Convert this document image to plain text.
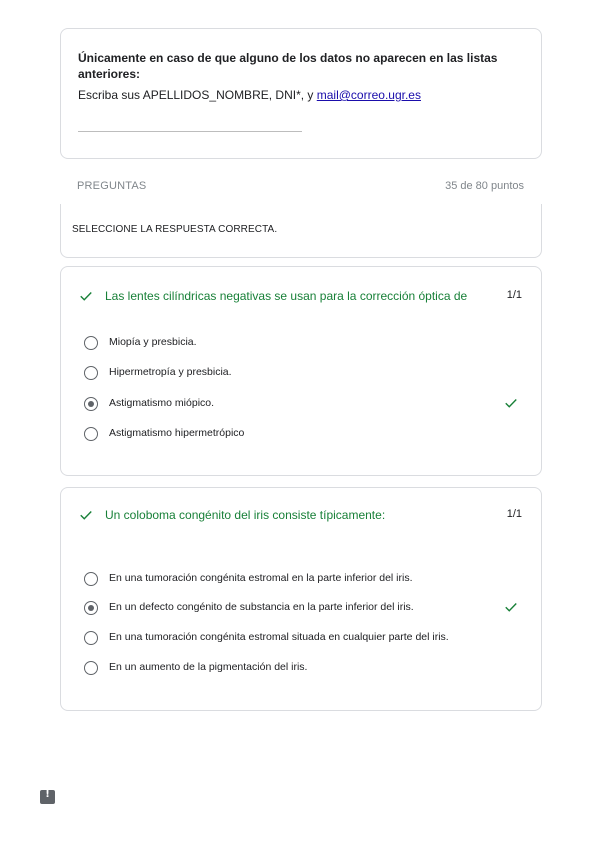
Únicamente en caso de que alguno de los datos no aparecen en las listas anteriores:
Escriba sus APELLIDOS_NOMBRE, DNI*, y mail@correo.ugr.es
PREGUNTAS	35 de 80 puntos
SELECCIONE LA RESPUESTA CORRECTA.
Las lentes cilíndricas negativas se usan para la corrección óptica de	1/1
Miopía y presbicia.
Hipermetropía y presbicia.
Astigmatismo miópico.
Astigmatismo hipermetrópico
Un coloboma congénito del iris consiste típicamente:	1/1
En una tumoración congénita estromal en la parte inferior del iris.
En un defecto congénito de substancia en la parte inferior del iris.
En una tumoración congénita estromal situada en cualquier parte del iris.
En un aumento de la pigmentación del iris.
!
